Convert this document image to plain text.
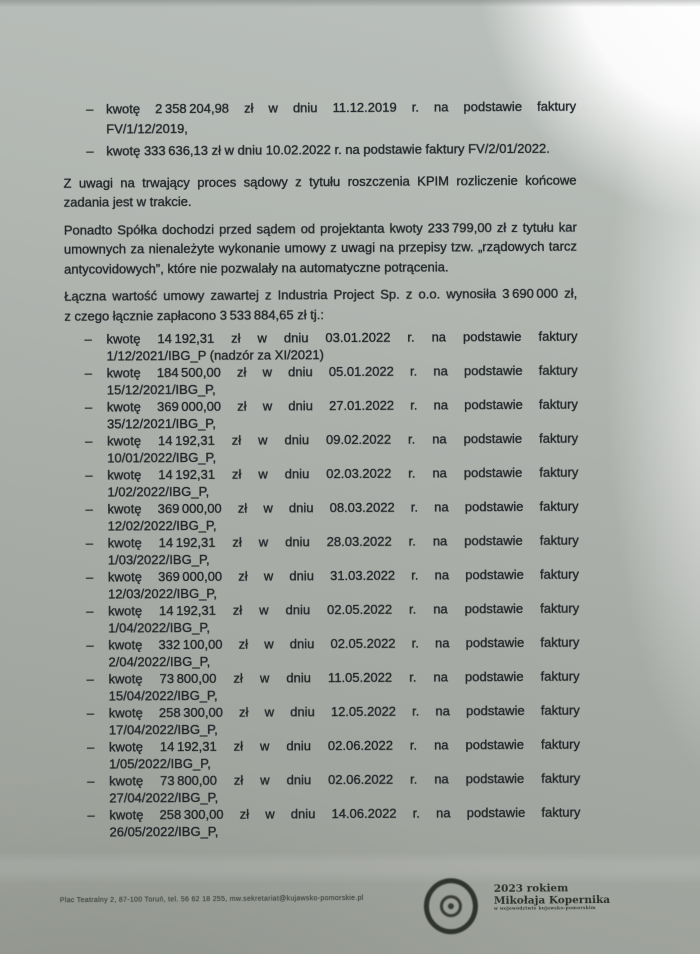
– kwotę 2 358 204,98 zł w dniu 11.12.2019 r. na podstawie faktury
FV/1/12/2019,
– kwotę 333 636,13 zł w dniu 10.02.2022 r. na podstawie faktury FV/2/01/2022.
Z uwagi na trwający proces sądowy z tytułu roszczenia KPIM rozliczenie końcowe
zadania jest w trakcie.
Ponadto Spółka dochodzi przed sądem od projektanta kwoty 233 799,00 zł z tytułu kar
umownych za nienależyte wykonanie umowy z uwagi na przepisy tzw. „rządowych tarcz
antycovidowych”, które nie pozwalały na automatyczne potrącenia.
Łączna wartość umowy zawartej z Industria Project Sp. z o.o. wynosiła 3 690 000 zł,
z czego łącznie zapłacono 3 533 884,65 zł tj.:
–	kwotę 14 192,31 zł w dniu 03.01.2022 r. na podstawie faktury
1/12/2021/IBG_P (nadzór za XI/2021)
–	kwotę 184 500,00 zł w dniu 05.01.2022 r. na podstawie faktury
15/12/2021/IBG_P,
–	kwotę 369 000,00 zł w dniu 27.01.2022 r. na podstawie faktury
35/12/2021/IBG_P,
–	kwotę 14 192,31 zł w dniu 09.02.2022 r. na podstawie faktury
10/01/2022/IBG_P,
–	kwotę 14 192,31 zł w dniu 02.03.2022 r. na podstawie faktury
1/02/2022/IBG_P,
–	kwotę 369 000,00 zł w dniu 08.03.2022 r. na podstawie faktury
12/02/2022/IBG_P,
–	kwotę 14 192,31 zł w dniu 28.03.2022 r. na podstawie faktury
1/03/2022/IBG_P,
–	kwotę 369 000,00 zł w dniu 31.03.2022 r. na podstawie faktury
12/03/2022/IBG_P,
–	kwotę 14 192,31 zł w dniu 02.05.2022 r. na podstawie faktury
1/04/2022/IBG_P,
–	kwotę 332 100,00 zł w dniu 02.05.2022 r. na podstawie faktury
2/04/2022/IBG_P,
–	kwotę 73 800,00 zł w dniu 11.05.2022 r. na podstawie faktury
15/04/2022/IBG_P,
–	kwotę 258 300,00 zł w dniu 12.05.2022 r. na podstawie faktury
17/04/2022/IBG_P,
–	kwotę 14 192,31 zł w dniu 02.06.2022 r. na podstawie faktury
1/05/2022/IBG_P,
–	kwotę 73 800,00 zł w dniu 02.06.2022 r. na podstawie faktury
27/04/2022/IBG_P,
–	kwotę 258 300,00 zł w dniu 14.06.2022 r. na podstawie faktury
26/05/2022/IBG_P,
Plac Teatralny 2, 87-100 Toruń, tel. 56 62 18 255, mw.sekretariat@kujawsko-pomorskie.pl
2023 rokiem
Mikołaja Kopernika
w województwie kujawsko-pomorskim
